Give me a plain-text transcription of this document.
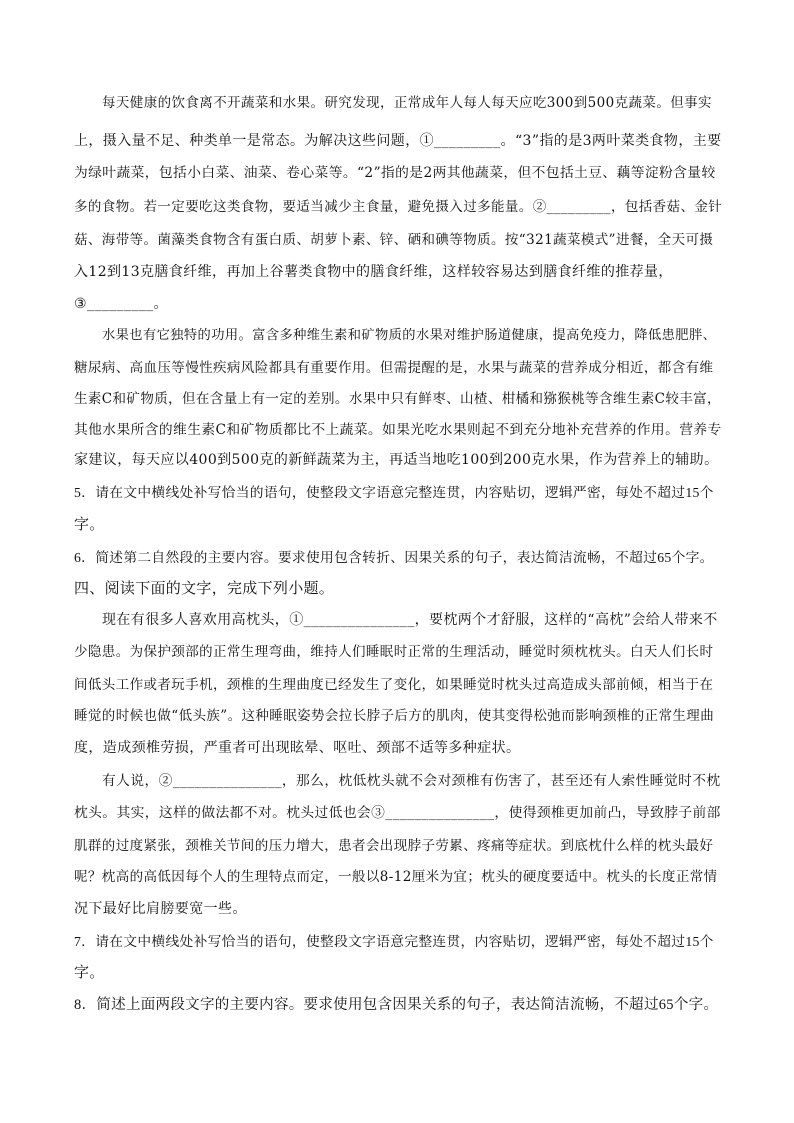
每天健康的饮食离不开蔬菜和水果。研究发现，正常成年人每人每天应吃300到500克蔬菜。但事实
上，摄入量不足、种类单一是常态。为解决这些问题，①_________。“3”指的是3两叶菜类食物，主要
为绿叶蔬菜，包括小白菜、油菜、卷心菜等。“2”指的是2两其他蔬菜，但不包括土豆、藕等淀粉含量较
多的食物。若一定要吃这类食物，要适当减少主食量，避免摄入过多能量。②_________，包括香菇、金针
菇、海带等。菌藻类食物含有蛋白质、胡萝卜素、锌、硒和碘等物质。按“321蔬菜模式”进餐，全天可摄
入12到13克膳食纤维，再加上谷薯类食物中的膳食纤维，这样较容易达到膳食纤维的推荐量，
③_________。
水果也有它独特的功用。富含多种维生素和矿物质的水果对维护肠道健康，提高免疫力，降低患肥胖、
糖尿病、高血压等慢性疾病风险都具有重要作用。但需提醒的是，水果与蔬菜的营养成分相近，都含有维
生素C和矿物质，但在含量上有一定的差别。水果中只有鲜枣、山楂、柑橘和猕猴桃等含维生素C较丰富，
其他水果所含的维生素C和矿物质都比不上蔬菜。如果光吃水果则起不到充分地补充营养的作用。营养专
家建议，每天应以400到500克的新鲜蔬菜为主，再适当地吃100到200克水果，作为营养上的辅助。
5．请在文中横线处补写恰当的语句，使整段文字语意完整连贯，内容贴切，逻辑严密，每处不超过15个
字。
6．简述第二自然段的主要内容。要求使用包含转折、因果关系的句子，表达简洁流畅，不超过65个字。
四、阅读下面的文字，完成下列小题。
现在有很多人喜欢用高枕头，①_______________，要枕两个才舒服，这样的“高枕”会给人带来不
少隐患。为保护颈部的正常生理弯曲，维持人们睡眠时正常的生理活动，睡觉时须枕枕头。白天人们长时
间低头工作或者玩手机，颈椎的生理曲度已经发生了变化，如果睡觉时枕头过高造成头部前倾，相当于在
睡觉的时候也做“低头族”。这种睡眠姿势会拉长脖子后方的肌肉，使其变得松弛而影响颈椎的正常生理曲
度，造成颈椎劳损，严重者可出现眩晕、呕吐、颈部不适等多种症状。
有人说，②_______________，那么，枕低枕头就不会对颈椎有伤害了，甚至还有人索性睡觉时不枕
枕头。其实，这样的做法都不对。枕头过低也会③_______________，使得颈椎更加前凸，导致脖子前部
肌群的过度紧张，颈椎关节间的压力增大，患者会出现脖子劳累、疼痛等症状。到底枕什么样的枕头最好
呢？枕高的高低因每个人的生理特点而定，一般以8-12厘米为宜；枕头的硬度要适中。枕头的长度正常情
况下最好比肩膀要宽一些。
7．请在文中横线处补写恰当的语句，使整段文字语意完整连贯，内容贴切，逻辑严密，每处不超过15个
字。
8．简述上面两段文字的主要内容。要求使用包含因果关系的句子，表达简洁流畅，不超过65个字。
